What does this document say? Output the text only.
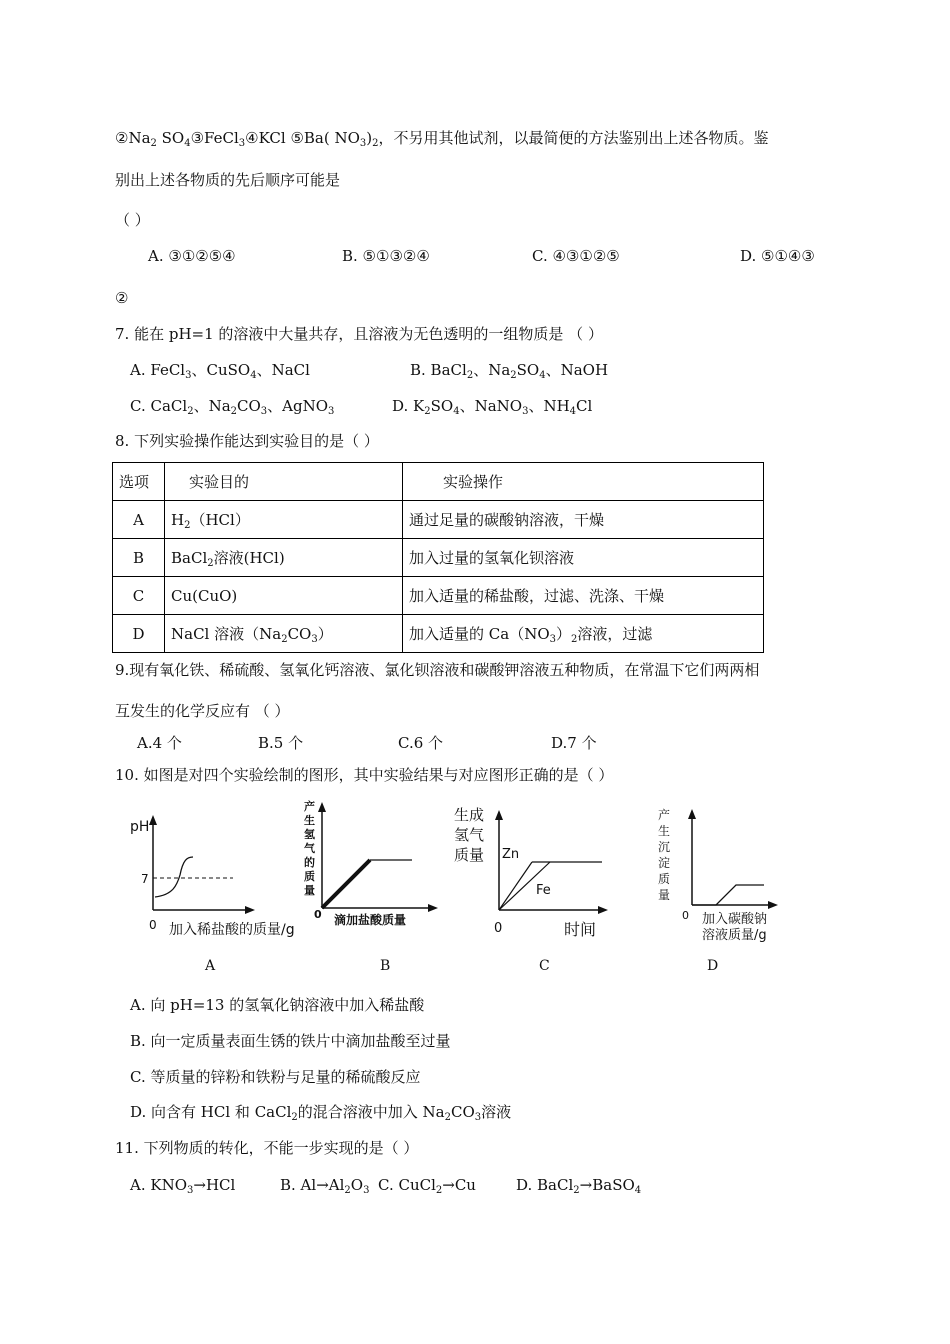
$②Na_2$ $SO_4③FeCl_3④KCl$ ⑤Ba( $NO_3)_2$，不另用其他试剂，以最简便的方法鉴别出上述各物质。鉴
别出上述各物质的先后顺序可能是
（ ）
A. ③①②⑤④	B. ⑤①③②④	C. ④③①②⑤	D. ⑤①④③
②
7. 能在 pH=1 的溶液中大量共存，且溶液为无色透明的一组物质是 （ ）
A. FeCl$_3$、CuSO$_4$、NaCl	B. BaCl$_2$、$Na_2SO_4$、NaOH
C. CaCl$_2$、$Na_2CO_3$、AgNO$_3$	D. $K_2SO_4$、NaNO$_3$、$NH_4Cl$
8. 下列实验操作能达到实验目的是（ ）
选项	实验目的	实验操作
A	$H_2(HCl)$	通过足量的碳酸钠溶液，干燥
B	BaCl$_2$溶液(HCl)	加入过量的氢氧化钡溶液
C	Cu(CuO)	加入适量的稀盐酸，过滤、洗涤、干燥
D	NaCl 溶液$(Na_2CO_3)$	加入适量的 $Ca(NO_3)_2$溶液，过滤
9.现有氧化铁、稀硫酸、氢氧化钙溶液、氯化钡溶液和碳酸钾溶液五种物质，在常温下它们两两相
互发生的化学反应有 （ ）
A.4 个	B.5 个	C.6 个	D.7 个
10. 如图是对四个实验绘制的图形，其中实验结果与对应图形正确的是（ ）
pH
7
0 加入稀盐酸的质量/g
A
产 生 氢 气 的 质 量
0 滴加盐酸质量
B
生成 氢气 质量	Zn
Fe
0	时间
C
产 生 沉 淀 质 量
0 加入碳酸钠
溶液质量/g
D
A. 向 pH=13 的氢氧化钠溶液中加入稀盐酸
B. 向一定质量表面生锈的铁片中滴加盐酸至过量
C. 等质量的锌粉和铁粉与足量的稀硫酸反应
D. 向含有 HCl 和 CaCl$_2$的混合溶液中加入 $Na_2CO_3$溶液
11. 下列物质的转化，不能一步实现的是（ ）
A. $KNO_3\to HCl$	B. $Al\to Al_2O_3$ C. CuCl$_2$→Cu	D. BaCl$_2$→BaSO$_4$
